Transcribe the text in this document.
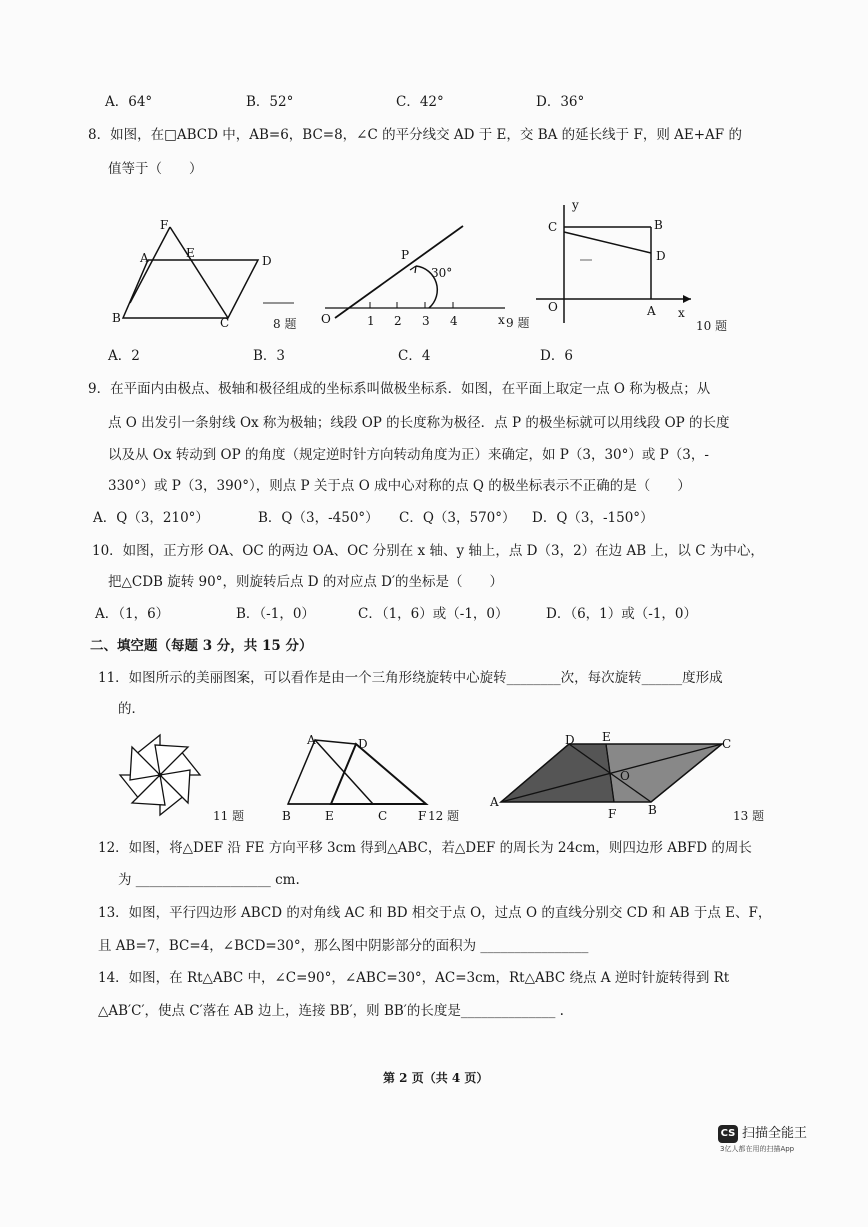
A．64°	B．52°	C．42°	D．36°
8．如图，在□ABCD 中，AB=6，BC=8，∠C 的平分线交 AD 于 E，交 BA 的延长线于 F，则 AE+AF 的
值等于（　　）
F
A	E
D
B	C	8 题
P
30°
O	1 2 3 4	x 9 题
y
C	B
D
O	A x
10 题
A．2	B．3	C．4	D．6
9．在平面内由极点、极轴和极径组成的坐标系叫做极坐标系．如图，在平面上取定一点 O 称为极点；从
点 O 出发引一条射线 Ox 称为极轴；线段 OP 的长度称为极径．点 P 的极坐标就可以用线段 OP 的长度
以及从 Ox 转动到 OP 的角度（规定逆时针方向转动角度为正）来确定，如 P（3，30°）或 P（3，-
330°）或 P（3，390°），则点 P 关于点 O 成中心对称的点 Q 的极坐标表示不正确的是（　　）
A．Q（3，210°）	B．Q（3，-450°） C．Q（3，570°） D．Q（3，-150°）
10．如图，正方形 OA、OC 的两边 OA、OC 分别在 x 轴、y 轴上，点 D（3，2）在边 AB 上，以 C 为中心，
把△CDB 旋转 90°，则旋转后点 D 的对应点 D′的坐标是（　　）
A．（1，6）	B．（-1，0）	C．（1，6）或（-1，0）	D．（6，1）或（-1，0）
二、填空题（每题 3 分，共 15 分）
11．如图所示的美丽图案，可以看作是由一个三角形绕旋转中心旋转________次，每次旋转______度形成
的．
11 题
A	D
B	E	C	F 12 题
D E	C
O
A
F	B	13 题
12．如图，将△DEF 沿 FE 方向平移 3cm 得到△ABC，若△DEF 的周长为 24cm，则四边形 ABFD 的周长
为 ____________________ cm.
13．如图，平行四边形 ABCD 的对角线 AC 和 BD 相交于点 O，过点 O 的直线分别交 CD 和 AB 于点 E、F，
且 AB=7，BC=4，∠BCD=30°，那么图中阴影部分的面积为 ________________
14．如图，在 Rt△ABC 中，∠C=90°，∠ABC=30°，AC=3cm，Rt△ABC 绕点 A 逆时针旋转得到 Rt
△AB′C′，使点 C′落在 AB 边上，连接 BB′，则 BB′的长度是______________ .
第 2 页（共 4 页）
CS 扫描全能王
3亿人都在用的扫描App
